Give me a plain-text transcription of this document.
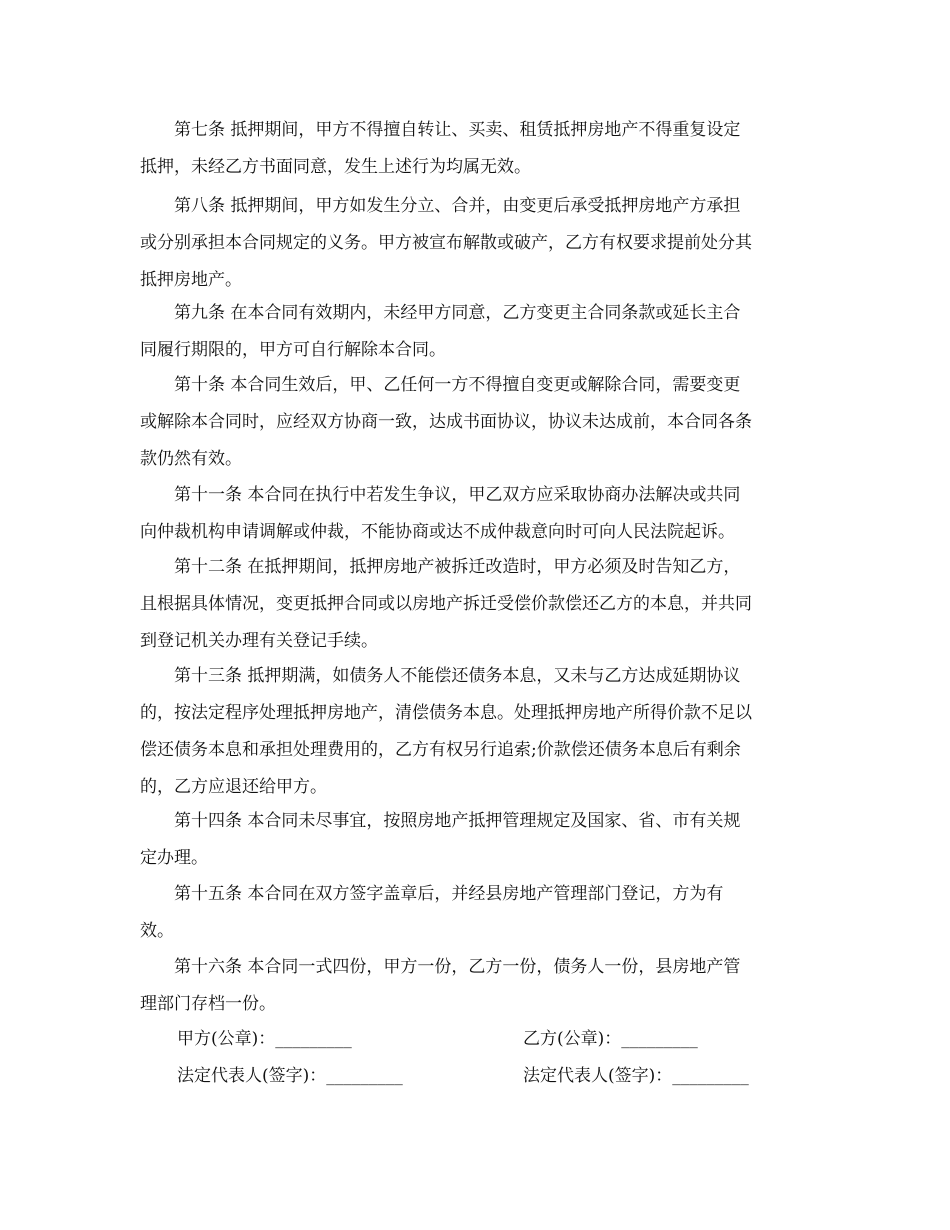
第七条 抵押期间，甲方不得擅自转让、买卖、租赁抵押房地产不得重复设定
抵押，未经乙方书面同意，发生上述行为均属无效。

第八条 抵押期间，甲方如发生分立、合并，由变更后承受抵押房地产方承担
或分别承担本合同规定的义务。甲方被宣布解散或破产，乙方有权要求提前处分其
抵押房地产。

第九条 在本合同有效期内，未经甲方同意，乙方变更主合同条款或延长主合
同履行期限的，甲方可自行解除本合同。

第十条 本合同生效后，甲、乙任何一方不得擅自变更或解除合同，需要变更
或解除本合同时，应经双方协商一致，达成书面协议，协议未达成前，本合同各条
款仍然有效。

第十一条 本合同在执行中若发生争议，甲乙双方应采取协商办法解决或共同
向仲裁机构申请调解或仲裁，不能协商或达不成仲裁意向时可向人民法院起诉。

第十二条 在抵押期间，抵押房地产被拆迁改造时，甲方必须及时告知乙方，
且根据具体情况，变更抵押合同或以房地产拆迁受偿价款偿还乙方的本息，并共同
到登记机关办理有关登记手续。

第十三条 抵押期满，如债务人不能偿还债务本息，又未与乙方达成延期协议
的，按法定程序处理抵押房地产，清偿债务本息。处理抵押房地产所得价款不足以
偿还债务本息和承担处理费用的，乙方有权另行追索;价款偿还债务本息后有剩余
的，乙方应退还给甲方。

第十四条 本合同未尽事宜，按照房地产抵押管理规定及国家、省、市有关规
定办理。

第十五条 本合同在双方签字盖章后，并经县房地产管理部门登记，方为有
效。

第十六条 本合同一式四份，甲方一份，乙方一份，债务人一份，县房地产管
理部门存档一份。

甲方(公章)：_________	乙方(公章)：_________
法定代表人(签字)：_________	法定代表人(签字)：_________
